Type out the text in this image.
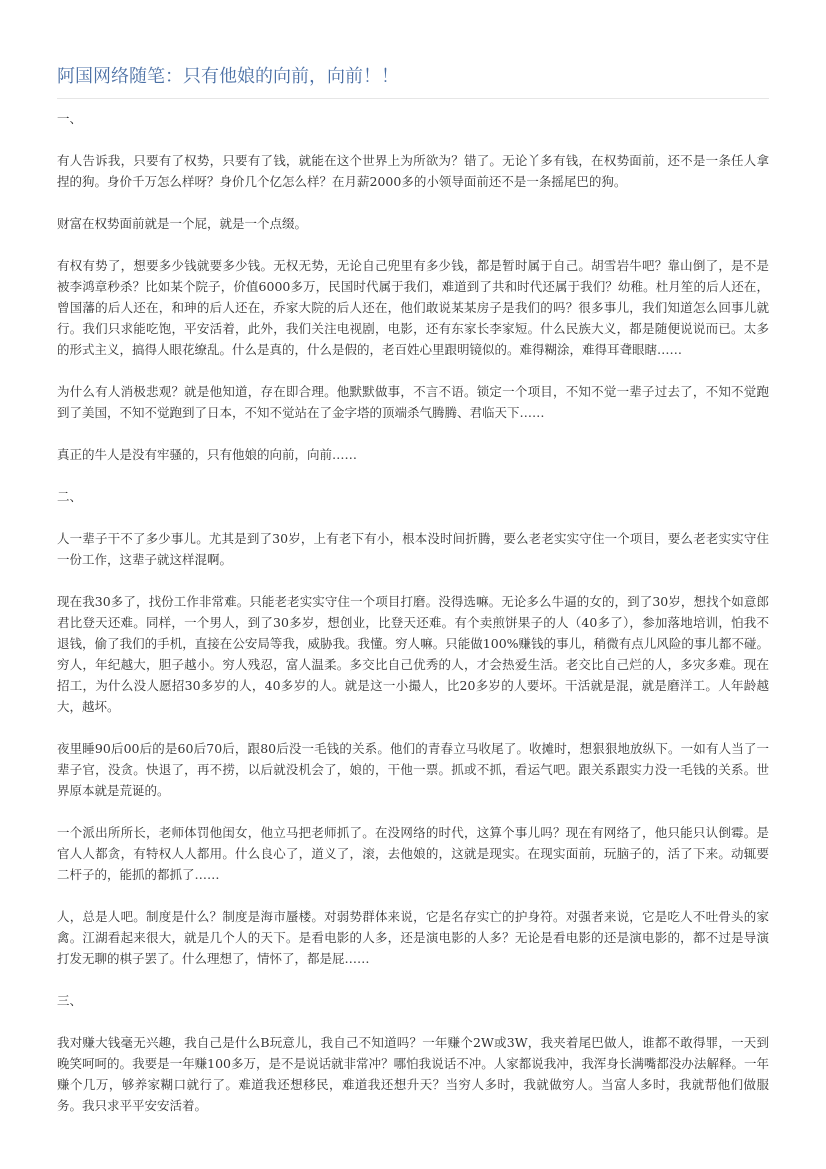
阿国网络随笔：只有他娘的向前，向前！！

一、

有人告诉我，只要有了权势，只要有了钱，就能在这个世界上为所欲为？错了。无论丫多有钱，在权势面前，还不是一条任人拿捏的狗。身价千万怎么样呀？身价几个亿怎么样？在月薪2000多的小领导面前还不是一条摇尾巴的狗。

财富在权势面前就是一个屁，就是一个点缀。

有权有势了，想要多少钱就要多少钱。无权无势，无论自己兜里有多少钱，都是暂时属于自己。胡雪岩牛吧？靠山倒了，是不是被李鸿章秒杀？比如某个院子，价值6000多万，民国时代属于我们，难道到了共和时代还属于我们？幼稚。杜月笙的后人还在，曾国藩的后人还在，和珅的后人还在，乔家大院的后人还在，他们敢说某某房子是我们的吗？很多事儿，我们知道怎么回事儿就行。我们只求能吃饱，平安活着，此外，我们关注电视剧，电影，还有东家长李家短。什么民族大义，都是随便说说而已。太多的形式主义，搞得人眼花缭乱。什么是真的，什么是假的，老百姓心里跟明镜似的。难得糊涂，难得耳聋眼瞎……

为什么有人消极悲观？就是他知道，存在即合理。他默默做事，不言不语。锁定一个项目，不知不觉一辈子过去了，不知不觉跑到了美国，不知不觉跑到了日本，不知不觉站在了金字塔的顶端杀气腾腾、君临天下……

真正的牛人是没有牢骚的，只有他娘的向前，向前……

二、

人一辈子干不了多少事儿。尤其是到了30岁，上有老下有小，根本没时间折腾，要么老老实实守住一个项目，要么老老实实守住一份工作，这辈子就这样混啊。

现在我30多了，找份工作非常难。只能老老实实守住一个项目打磨。没得选嘛。无论多么牛逼的女的，到了30岁，想找个如意郎君比登天还难。同样，一个男人，到了30多岁，想创业，比登天还难。有个卖煎饼果子的人（40多了），参加落地培训，怕我不退钱，偷了我们的手机，直接在公安局等我，威胁我。我懂。穷人嘛。只能做100%赚钱的事儿，稍微有点儿风险的事儿都不碰。穷人，年纪越大，胆子越小。穷人残忍，富人温柔。多交比自己优秀的人，才会热爱生活。老交比自己烂的人，多灾多难。现在招工，为什么没人愿招30多岁的人，40多岁的人。就是这一小撮人，比20多岁的人要坏。干活就是混，就是磨洋工。人年龄越大，越坏。

夜里睡90后00后的是60后70后，跟80后没一毛钱的关系。他们的青春立马收尾了。收摊时，想狠狠地放纵下。一如有人当了一辈子官，没贪。快退了，再不捞，以后就没机会了，娘的，干他一票。抓或不抓，看运气吧。跟关系跟实力没一毛钱的关系。世界原本就是荒诞的。

一个派出所所长，老师体罚他闺女，他立马把老师抓了。在没网络的时代，这算个事儿吗？现在有网络了，他只能只认倒霉。是官人人都贪，有特权人人都用。什么良心了，道义了，滚，去他娘的，这就是现实。在现实面前，玩脑子的，活了下来。动辄要二杆子的，能抓的都抓了……

人，总是人吧。制度是什么？制度是海市蜃楼。对弱势群体来说，它是名存实亡的护身符。对强者来说，它是吃人不吐骨头的家禽。江湖看起来很大，就是几个人的天下。是看电影的人多，还是演电影的人多？无论是看电影的还是演电影的，都不过是导演打发无聊的棋子罢了。什么理想了，情怀了，都是屁……

三、

我对赚大钱毫无兴趣，我自己是什么B玩意儿，我自己不知道吗？一年赚个2W或3W，我夹着尾巴做人，谁都不敢得罪，一天到晚笑呵呵的。我要是一年赚100多万，是不是说话就非常冲？哪怕我说话不冲。人家都说我冲，我浑身长满嘴都没办法解释。一年赚个几万，够养家糊口就行了。难道我还想移民，难道我还想升天？当穷人多时，我就做穷人。当富人多时，我就帮他们做服务。我只求平平安安活着。
